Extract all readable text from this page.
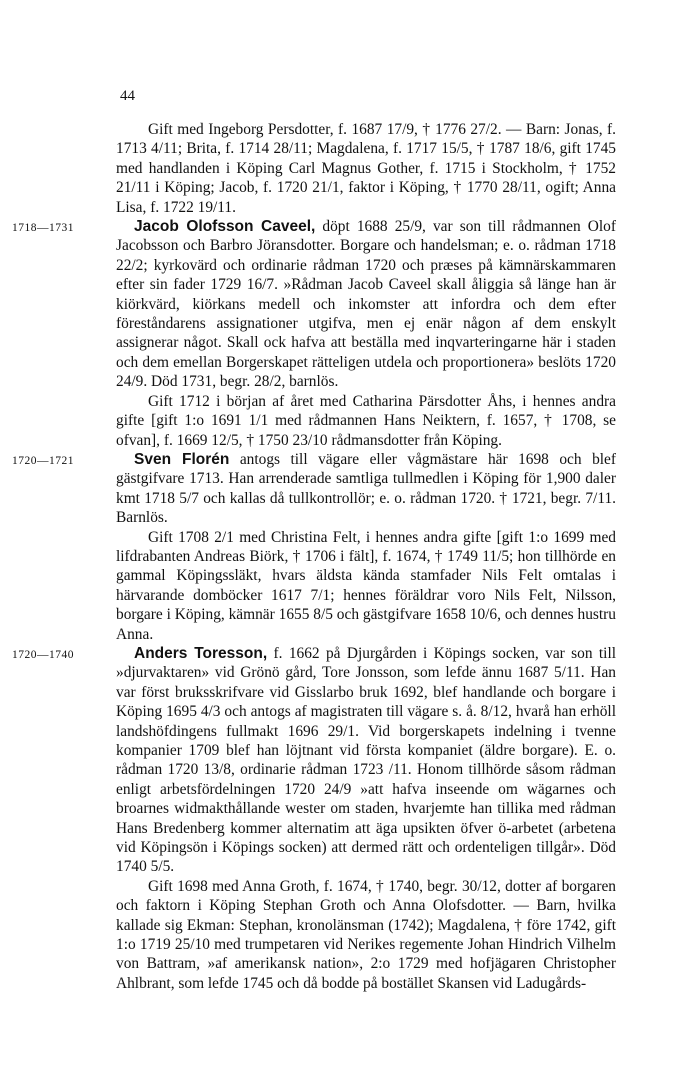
44

Gift med Ingeborg Persdotter, f. 1687 17/9, † 1776 27/2. — Barn: Jonas, f. 1713 4/11; Brita, f. 1714 28/11; Magdalena, f. 1717 15/5, † 1787 18/6, gift 1745 med handlanden i Köping Carl Magnus Gother, f. 1715 i Stockholm, † 1752 21/11 i Köping; Jacob, f. 1720 21/1, faktor i Köping, † 1770 28/11, ogift; Anna Lisa, f. 1722 19/11.

1718—1731	Jacob Olofsson Caveel, döpt 1688 25/9, var son till rådmannen Olof Jacobsson och Barbro Jöransdotter. Borgare och handelsman; e. o. rådman 1718 22/2; kyrkovärd och ordinarie rådman 1720 och præses på kämnärskammaren efter sin fader 1729 16/7. »Rådman Jacob Caveel skall åliggia så länge han är kiörkvärd, kiörkans medell och inkomster att infordra och dem efter föreståndarens assignationer utgifva, men ej enär någon af dem enskylt assignerar något. Skall ock hafva att beställa med inqvarteringarne här i staden och dem emellan Borgerskapet rätteligen utdela och proportionera» beslöts 1720 24/9. Död 1731, begr. 28/2, barnlös.

Gift 1712 i början af året med Catharina Pärsdotter Åhs, i hennes andra gifte [gift 1:o 1691 1/1 med rådmannen Hans Neiktern, f. 1657, † 1708, se ofvan], f. 1669 12/5, † 1750 23/10 rådmansdotter från Köping.

1720—1721	Sven Florén antogs till vägare eller vågmästare här 1698 och blef gästgifvare 1713. Han arrenderade samtliga tullmedlen i Köping för 1,900 daler kmt 1718 5/7 och kallas då tullkontrollör; e. o. rådman 1720. † 1721, begr. 7/11. Barnlös.

Gift 1708 2/1 med Christina Felt, i hennes andra gifte [gift 1:o 1699 med lifdrabanten Andreas Biörk, † 1706 i fält], f. 1674, † 1749 11/5; hon tillhörde en gammal Köpingssläkt, hvars äldsta kända stamfader Nils Felt omtalas i härvarande domböcker 1617 7/1; hennes föräldrar voro Nils Felt, Nilsson, borgare i Köping, kämnär 1655 8/5 och gästgifvare 1658 10/6, och dennes hustru Anna.

1720—1740	Anders Toresson, f. 1662 på Djurgården i Köpings socken, var son till »djurvaktaren» vid Grönö gård, Tore Jonsson, som lefde ännu 1687 5/11. Han var först bruksskrifvare vid Gisslarbo bruk 1692, blef handlande och borgare i Köping 1695 4/3 och antogs af magistraten till vägare s. å. 8/12, hvarå han erhöll landshöfdingens fullmakt 1696 29/1. Vid borgerskapets indelning i tvenne kompanier 1709 blef han löjtnant vid första kompaniet (äldre borgare). E. o. rådman 1720 13/8, ordinarie rådman 1723 /11. Honom tillhörde såsom rådman enligt arbetsfördelningen 1720 24/9 »att hafva inseende om wägarnes och broarnes widmakthållande wester om staden, hvarjemte han tillika med rådman Hans Bredenberg kommer alternatim att äga upsikten öfver ö-arbetet (arbetena vid Köpingsön i Köpings socken) att dermed rätt och ordenteligen tillgår». Död 1740 5/5.

Gift 1698 med Anna Groth, f. 1674, † 1740, begr. 30/12, dotter af borgaren och faktorn i Köping Stephan Groth och Anna Olofsdotter. — Barn, hvilka kallade sig Ekman: Stephan, kronolänsman (1742); Magdalena, † före 1742, gift 1:o 1719 25/10 med trumpetaren vid Nerikes regemente Johan Hindrich Vilhelm von Battram, »af amerikansk nation», 2:o 1729 med hofjägaren Christopher Ahlbrant, som lefde 1745 och då bodde på bostället Skansen vid Ladugårds-
